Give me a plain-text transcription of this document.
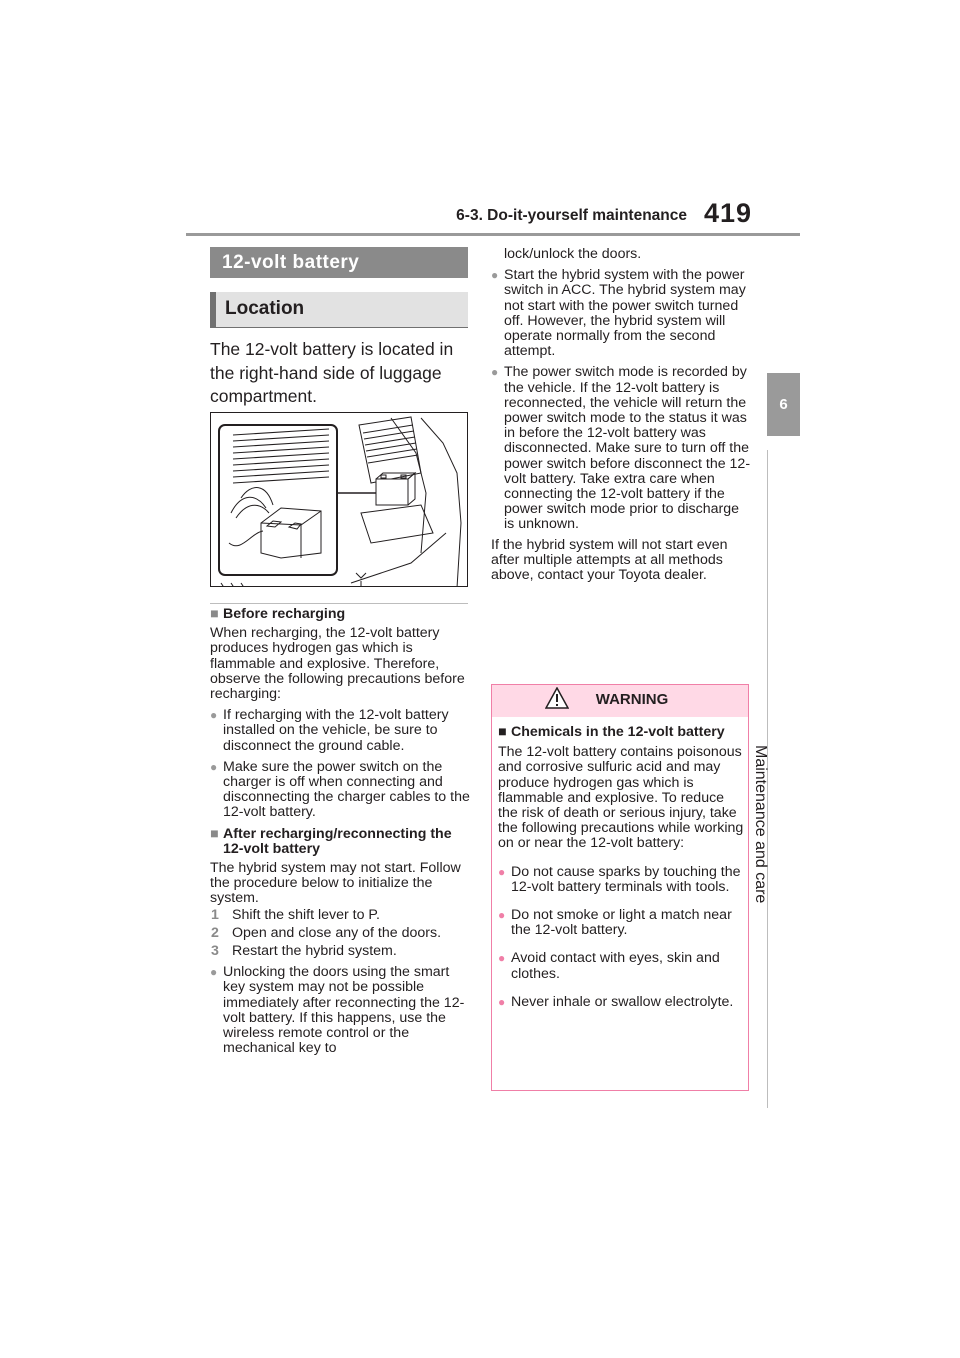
6-3. Do-it-yourself maintenance 419
6
Maintenance and care
12-volt battery
Location
The 12-volt battery is located in the right-hand side of luggage compartment.
■ Before recharging
When recharging, the 12-volt battery produces hydrogen gas which is flammable and explosive. Therefore, observe the following precautions before recharging:
● If recharging with the 12-volt battery installed on the vehicle, be sure to disconnect the ground cable.
● Make sure the power switch on the charger is off when connecting and disconnecting the charger cables to the 12-volt battery.
■ After recharging/reconnecting the 12-volt battery
The hybrid system may not start. Follow the procedure below to initialize the system.
1 Shift the shift lever to P.
2 Open and close any of the doors.
3 Restart the hybrid system.
● Unlocking the doors using the smart key system may not be possible immediately after reconnecting the 12-volt battery. If this happens, use the wireless remote control or the mechanical key to
lock/unlock the doors.
● Start the hybrid system with the power switch in ACC. The hybrid system may not start with the power switch turned off. However, the hybrid system will operate normally from the second attempt.
● The power switch mode is recorded by the vehicle. If the 12-volt battery is reconnected, the vehicle will return the power switch mode to the status it was in before the 12-volt battery was disconnected. Make sure to turn off the power switch before disconnect the 12-volt battery. Take extra care when connecting the 12-volt battery if the power switch mode prior to discharge is unknown.
If the hybrid system will not start even after multiple attempts at all methods above, contact your Toyota dealer.
WARNING
■ Chemicals in the 12-volt battery
The 12-volt battery contains poisonous and corrosive sulfuric acid and may produce hydrogen gas which is flammable and explosive. To reduce the risk of death or serious injury, take the following precautions while working on or near the 12-volt battery:
● Do not cause sparks by touching the 12-volt battery terminals with tools.
● Do not smoke or light a match near the 12-volt battery.
● Avoid contact with eyes, skin and clothes.
● Never inhale or swallow electrolyte.
